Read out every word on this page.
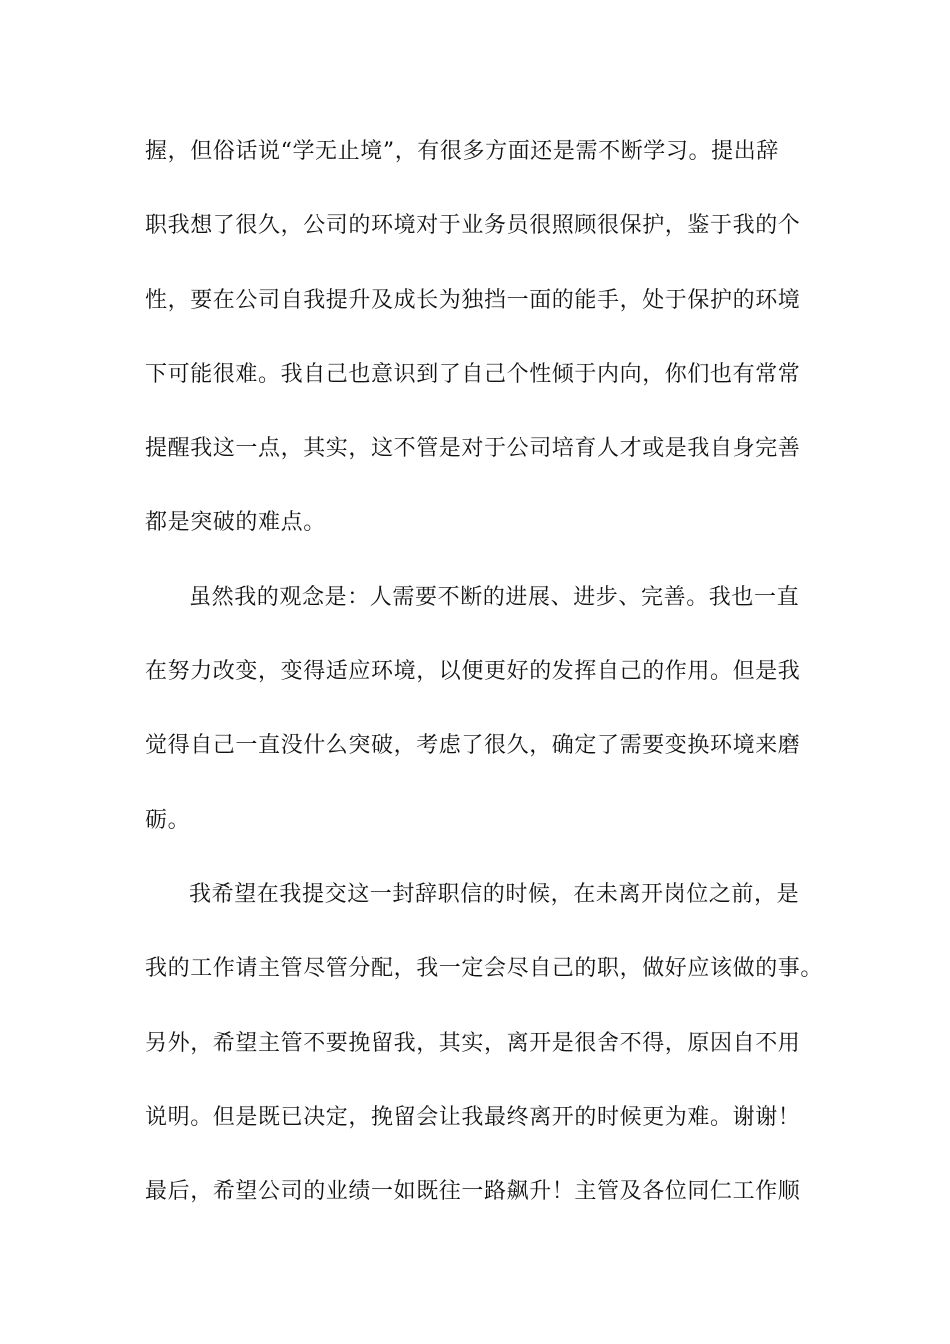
握，但俗话说“学无止境”，有很多方面还是需不断学习。提出辞
职我想了很久，公司的环境对于业务员很照顾很保护，鉴于我的个
性，要在公司自我提升及成长为独挡一面的能手，处于保护的环境
下可能很难。我自己也意识到了自己个性倾于内向，你们也有常常
提醒我这一点，其实，这不管是对于公司培育人才或是我自身完善
都是突破的难点。
虽然我的观念是：人需要不断的进展、进步、完善。我也一直
在努力改变，变得适应环境，以便更好的发挥自己的作用。但是我
觉得自己一直没什么突破，考虑了很久，确定了需要变换环境来磨
砺。
我希望在我提交这一封辞职信的时候，在未离开岗位之前，是
我的工作请主管尽管分配，我一定会尽自己的职，做好应该做的事。
另外，希望主管不要挽留我，其实，离开是很舍不得，原因自不用
说明。但是既已决定，挽留会让我最终离开的时候更为难。谢谢！
最后，希望公司的业绩一如既往一路飙升！主管及各位同仁工作顺
